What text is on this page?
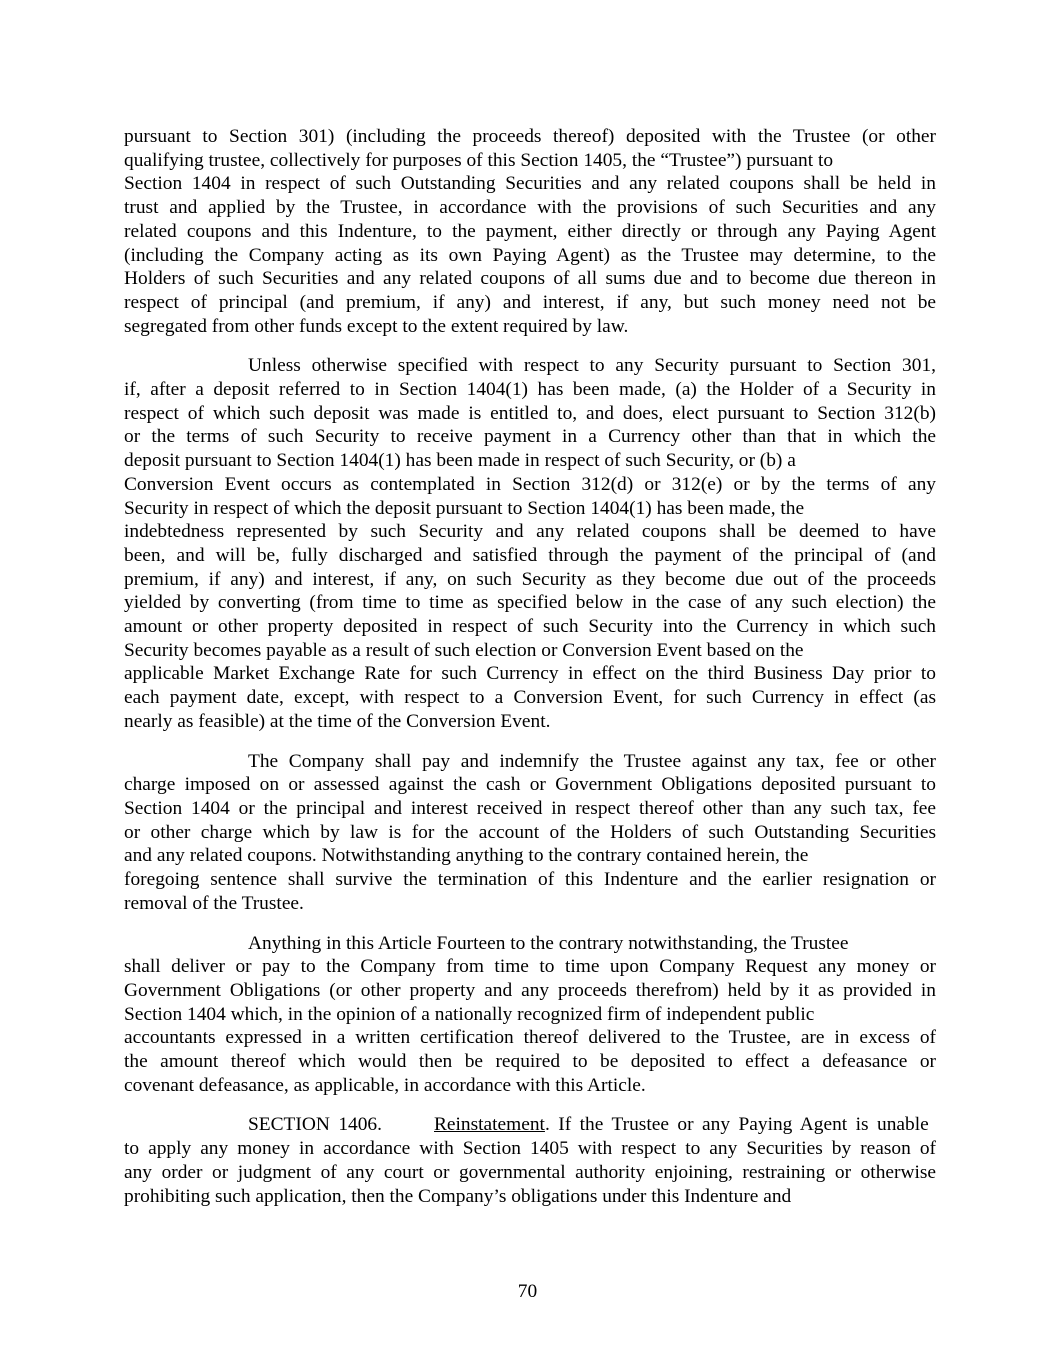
pursuant to Section 301) (including the proceeds thereof) deposited with the Trustee (or other
qualifying trustee, collectively for purposes of this Section 1405, the “Trustee”) pursuant to
Section 1404 in respect of such Outstanding Securities and any related coupons shall be held in
trust and applied by the Trustee, in accordance with the provisions of such Securities and any
related coupons and this Indenture, to the payment, either directly or through any Paying Agent
(including the Company acting as its own Paying Agent) as the Trustee may determine, to the
Holders of such Securities and any related coupons of all sums due and to become due thereon in
respect of principal (and premium, if any) and interest, if any, but such money need not be
segregated from other funds except to the extent required by law.
Unless otherwise specified with respect to any Security pursuant to Section 301,
if, after a deposit referred to in Section 1404(1) has been made, (a) the Holder of a Security in
respect of which such deposit was made is entitled to, and does, elect pursuant to Section 312(b)
or the terms of such Security to receive payment in a Currency other than that in which the
deposit pursuant to Section 1404(1) has been made in respect of such Security, or (b) a
Conversion Event occurs as contemplated in Section 312(d) or 312(e) or by the terms of any
Security in respect of which the deposit pursuant to Section 1404(1) has been made, the
indebtedness represented by such Security and any related coupons shall be deemed to have
been, and will be, fully discharged and satisfied through the payment of the principal of (and
premium, if any) and interest, if any, on such Security as they become due out of the proceeds
yielded by converting (from time to time as specified below in the case of any such election) the
amount or other property deposited in respect of such Security into the Currency in which such
Security becomes payable as a result of such election or Conversion Event based on the
applicable Market Exchange Rate for such Currency in effect on the third Business Day prior to
each payment date, except, with respect to a Conversion Event, for such Currency in effect (as
nearly as feasible) at the time of the Conversion Event.
The Company shall pay and indemnify the Trustee against any tax, fee or other
charge imposed on or assessed against the cash or Government Obligations deposited pursuant to
Section 1404 or the principal and interest received in respect thereof other than any such tax, fee
or other charge which by law is for the account of the Holders of such Outstanding Securities
and any related coupons. Notwithstanding anything to the contrary contained herein, the
foregoing sentence shall survive the termination of this Indenture and the earlier resignation or
removal of the Trustee.
Anything in this Article Fourteen to the contrary notwithstanding, the Trustee
shall deliver or pay to the Company from time to time upon Company Request any money or
Government Obligations (or other property and any proceeds therefrom) held by it as provided in
Section 1404 which, in the opinion of a nationally recognized firm of independent public
accountants expressed in a written certification thereof delivered to the Trustee, are in excess of
the amount thereof which would then be required to be deposited to effect a defeasance or
covenant defeasance, as applicable, in accordance with this Article.
SECTION 1406.	Reinstatement. If the Trustee or any Paying Agent is unable
to apply any money in accordance with Section 1405 with respect to any Securities by reason of
any order or judgment of any court or governmental authority enjoining, restraining or otherwise
prohibiting such application, then the Company’s obligations under this Indenture and
70
